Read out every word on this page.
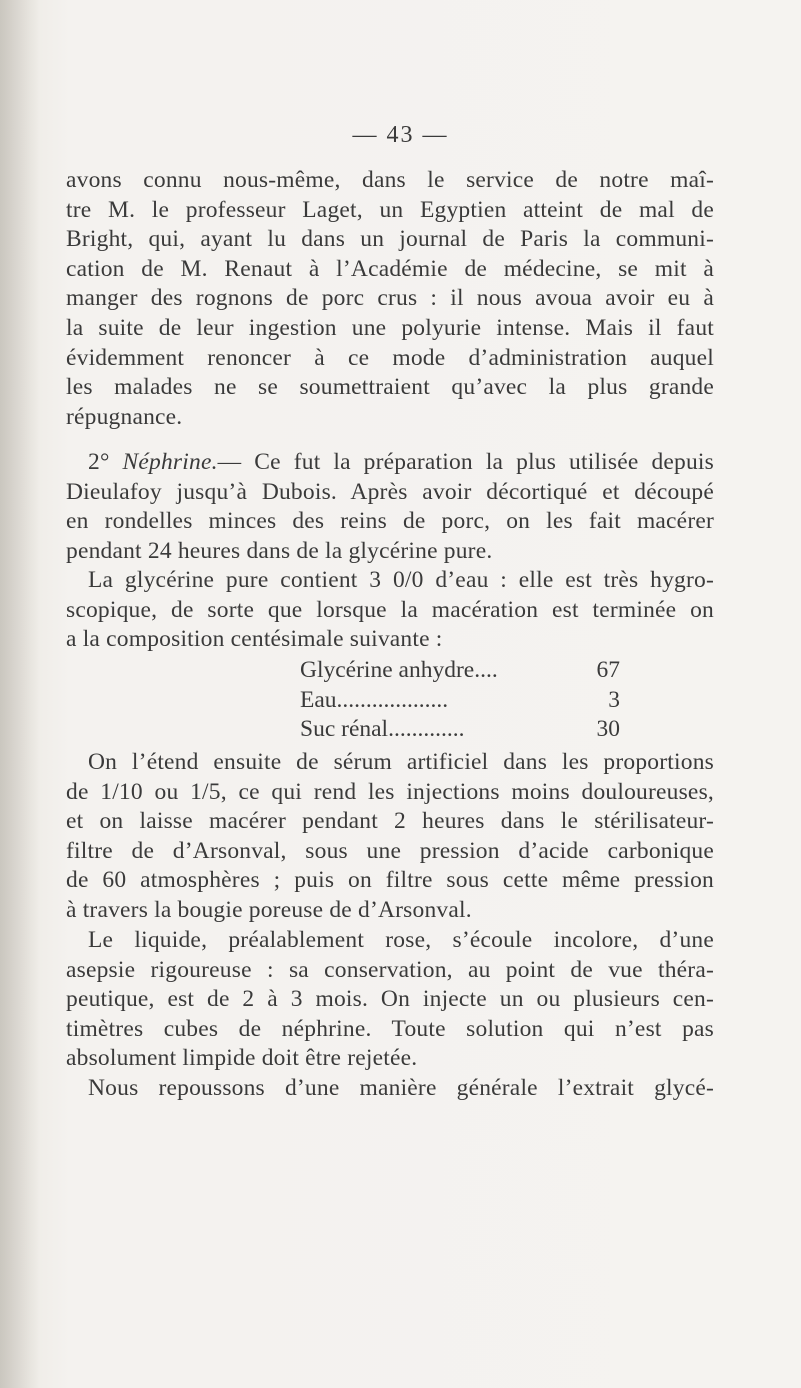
— 43 —
avons connu nous-même, dans le service de notre maî-
tre M. le professeur Laget, un Egyptien atteint de mal de
Bright, qui, ayant lu dans un journal de Paris la communi-
cation de M. Renaut à l’Académie de médecine, se mit à
manger des rognons de porc crus : il nous avoua avoir eu à
la suite de leur ingestion une polyurie intense. Mais il faut
évidemment renoncer à ce mode d’administration auquel
les malades ne se soumettraient qu’avec la plus grande
répugnance.
2° Néphrine.— Ce fut la préparation la plus utilisée depuis
Dieulafoy jusqu’à Dubois. Après avoir décortiqué et découpé
en rondelles minces des reins de porc, on les fait macérer
pendant 24 heures dans de la glycérine pure.
La glycérine pure contient 3 0/0 d’eau : elle est très hygro-
scopique, de sorte que lorsque la macération est terminée on
a la composition centésimale suivante :
Glycérine anhydre....	67
Eau...................	3
Suc rénal.............	30
On l’étend ensuite de sérum artificiel dans les proportions
de 1/10 ou 1/5, ce qui rend les injections moins douloureuses,
et on laisse macérer pendant 2 heures dans le stérilisateur-
filtre de d’Arsonval, sous une pression d’acide carbonique
de 60 atmosphères ; puis on filtre sous cette même pression
à travers la bougie poreuse de d’Arsonval.
Le liquide, préalablement rose, s’écoule incolore, d’une
asepsie rigoureuse : sa conservation, au point de vue théra-
peutique, est de 2 à 3 mois. On injecte un ou plusieurs cen-
timètres cubes de néphrine. Toute solution qui n’est pas
absolument limpide doit être rejetée.
Nous repoussons d’une manière générale l’extrait glycé-
